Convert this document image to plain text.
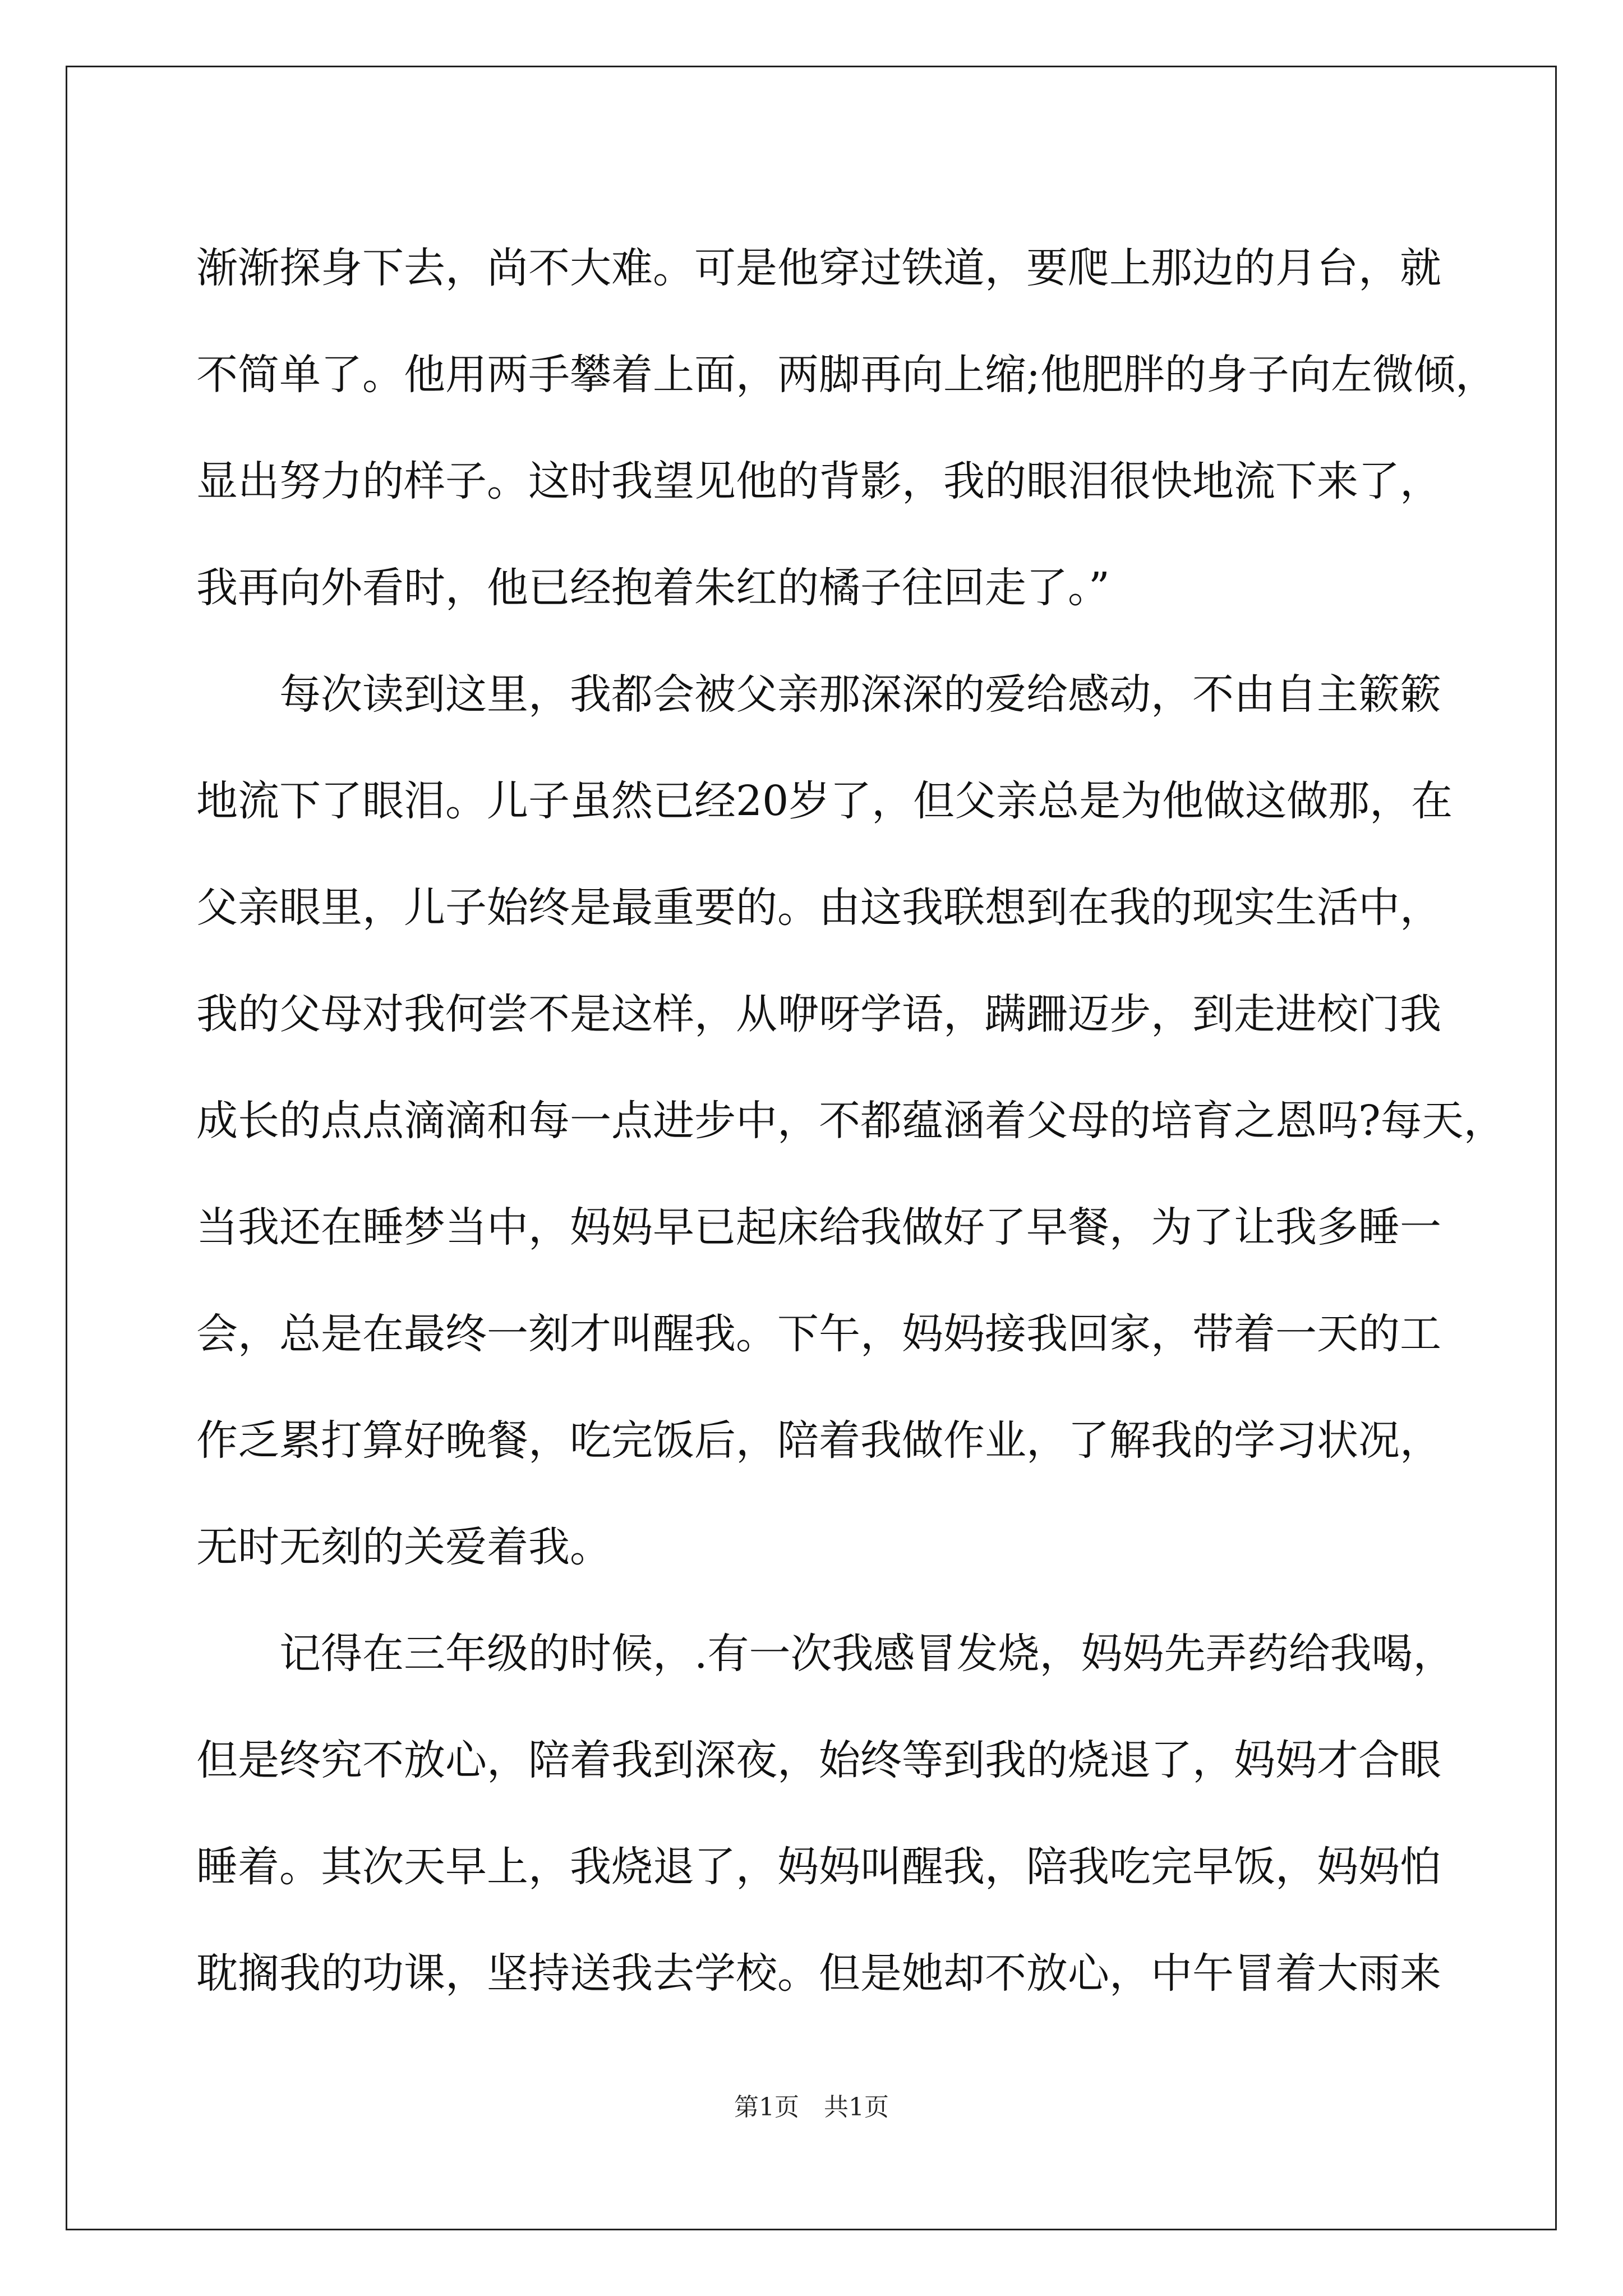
渐渐探身下去，尚不大难。可是他穿过铁道，要爬上那边的月台，就
不简单了。他用两手攀着上面，两脚再向上缩;他肥胖的身子向左微倾，
显出努力的样子。这时我望见他的背影，我的眼泪很快地流下来了，
我再向外看时，他已经抱着朱红的橘子往回走了。”
每次读到这里，我都会被父亲那深深的爱给感动，不由自主簌簌
地流下了眼泪。儿子虽然已经20岁了，但父亲总是为他做这做那，在
父亲眼里，儿子始终是最重要的。由这我联想到在我的现实生活中，
我的父母对我何尝不是这样，从咿呀学语，蹒跚迈步，到走进校门我
成长的点点滴滴和每一点进步中，不都蕴涵着父母的培育之恩吗?每天，
当我还在睡梦当中，妈妈早已起床给我做好了早餐，为了让我多睡一
会，总是在最终一刻才叫醒我。下午，妈妈接我回家，带着一天的工
作乏累打算好晚餐，吃完饭后，陪着我做作业，了解我的学习状况，
无时无刻的关爱着我。
记得在三年级的时候，.有一次我感冒发烧，妈妈先弄药给我喝，
但是终究不放心，陪着我到深夜，始终等到我的烧退了，妈妈才合眼
睡着。其次天早上，我烧退了，妈妈叫醒我，陪我吃完早饭，妈妈怕
耽搁我的功课，坚持送我去学校。但是她却不放心，中午冒着大雨来
第1页　共1页
